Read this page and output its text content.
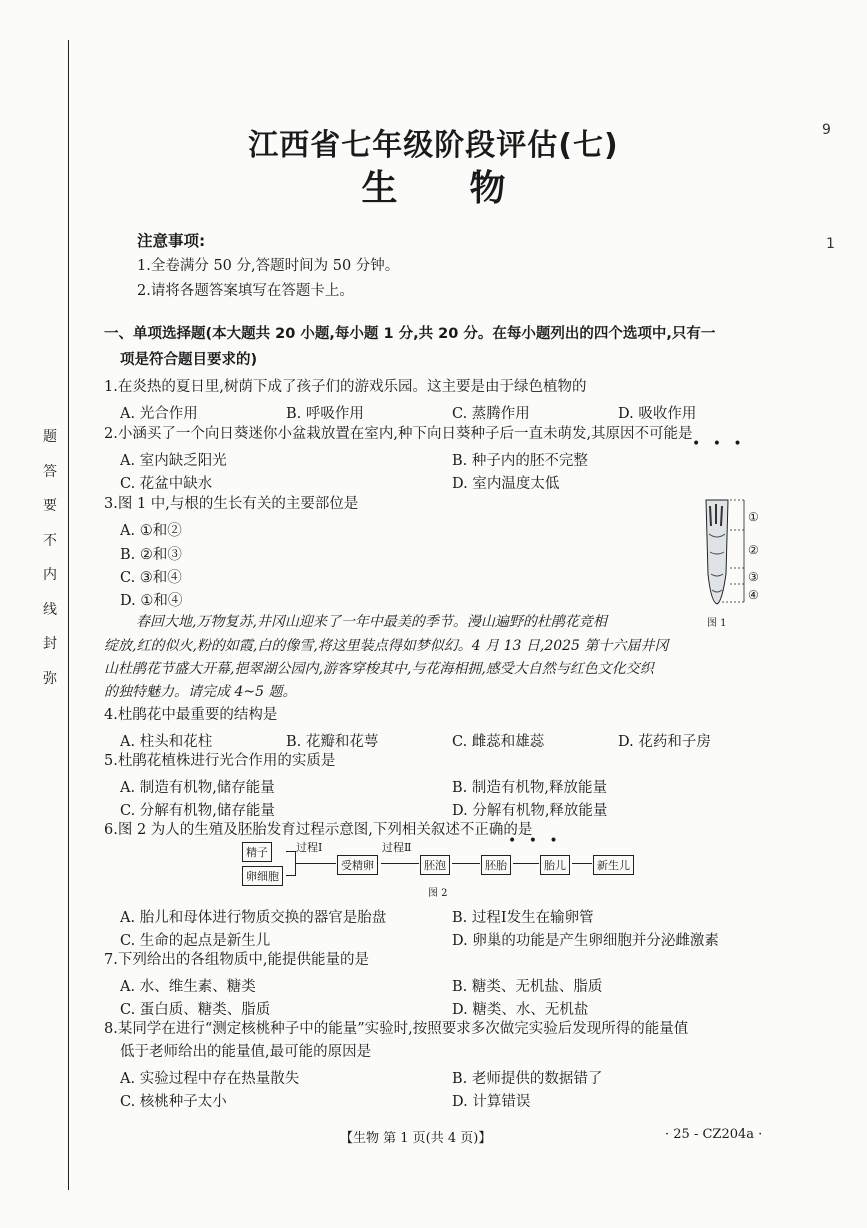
题
答
要
不
内
线
封
弥
9
1
江西省七年级阶段评估(七)
生 物
注意事项:
1.全卷满分 50 分,答题时间为 50 分钟。
2.请将各题答案填写在答题卡上。
一、单项选择题(本大题共 20 小题,每小题 1 分,共 20 分。在每小题列出的四个选项中,只有一
项是符合题目要求的)
1.在炎热的夏日里,树荫下成了孩子们的游戏乐园。这主要是由于绿色植物的
A. 光合作用	B. 呼吸作用	C. 蒸腾作用	D. 吸收作用
2.小涵买了一个向日葵迷你小盆栽放置在室内,种下向日葵种子后一直未萌发,其原因不可能是
• • •
A. 室内缺乏阳光	B. 种子内的胚不完整
C. 花盆中缺水	D. 室内温度太低
3.图 1 中,与根的生长有关的主要部位是
A. ①和②
B. ②和③
C. ③和④
D. ①和④
①
②
③
④
图 1
春回大地,万物复苏,井冈山迎来了一年中最美的季节。漫山遍野的杜鹃花竞相
绽放,红的似火,粉的如霞,白的像雪,将这里装点得如梦似幻。4 月 13 日,2025 第十六届井冈
山杜鹃花节盛大开幕,挹翠湖公园内,游客穿梭其中,与花海相拥,感受大自然与红色文化交织
的独特魅力。请完成 4~5 题。
4.杜鹃花中最重要的结构是
A. 柱头和花柱	B. 花瓣和花萼	C. 雌蕊和雄蕊	D. 花药和子房
5.杜鹃花植株进行光合作用的实质是
A. 制造有机物,储存能量	B. 制造有机物,释放能量
C. 分解有机物,储存能量	D. 分解有机物,释放能量
6.图 2 为人的生殖及胚胎发育过程示意图,下列相关叙述不正确的是
• • •
精子
卵细胞
过程Ⅰ
受精卵
过程Ⅱ
胚泡	胚胎	胎儿	新生儿
图 2
A. 胎儿和母体进行物质交换的器官是胎盘	B. 过程Ⅰ发生在输卵管
C. 生命的起点是新生儿	D. 卵巢的功能是产生卵细胞并分泌雌激素
7.下列给出的各组物质中,能提供能量的是
A. 水、维生素、糖类	B. 糖类、无机盐、脂质
C. 蛋白质、糖类、脂质	D. 糖类、水、无机盐
8.某同学在进行“测定核桃种子中的能量”实验时,按照要求多次做完实验后发现所得的能量值
低于老师给出的能量值,最可能的原因是
A. 实验过程中存在热量散失	B. 老师提供的数据错了
C. 核桃种子太小	D. 计算错误
【生物 第 1 页(共 4 页)】	· 25 - CZ204a ·
